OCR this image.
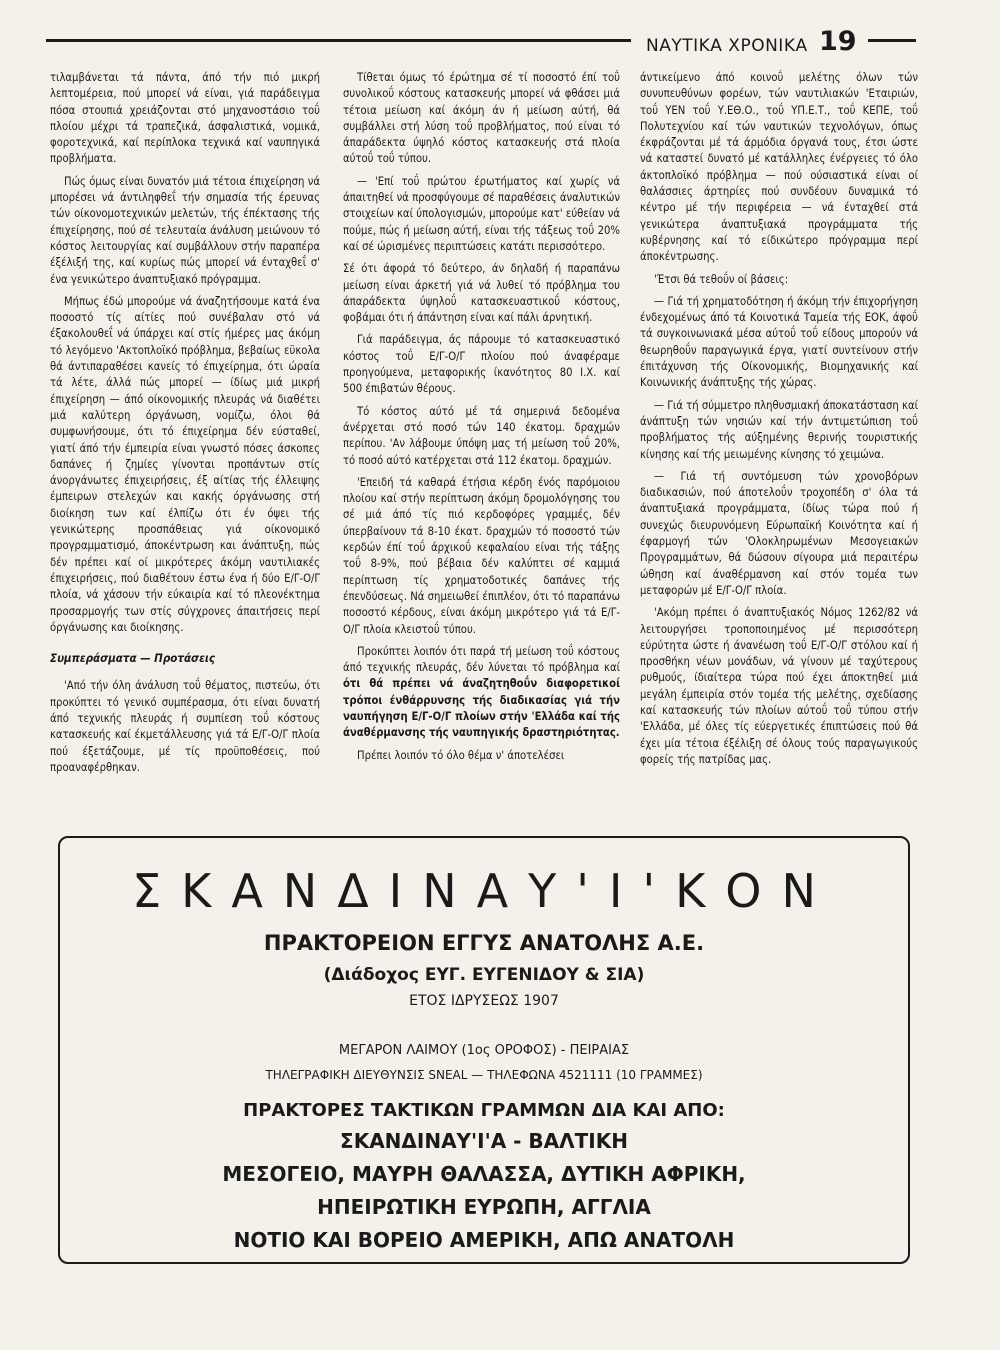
ΝΑΥΤΙΚΑ ΧΡΟΝΙΚΑ 19

τιλαμβάνεται τά πάντα, άπό τήν πιό μικρή λεπτομέρεια, πού μπορεί νά είναι, γιά παράδειγμα πόσα στουπιά χρειάζονται στό μηχανοστάσιο τοΰ πλοίου μέχρι τά τραπεζικά, άσφαλιστικά, νομικά, φοροτεχνικά, καί περίπλοκα τεχνικά καί ναυπηγικά προβλήματα.

Πώς όμως είναι δυνατόν μιά τέτοια έπιχείρηση νά μπορέσει νά άντιληφθεΐ τήν σημασία τής έρευνας τών οίκονομοτεχνικών μελετών, τής έπέκτασης τής έπιχείρησης, πού σέ τελευταία άνάλυση μειώνουν τό κόστος λειτουργίας καί συμβάλλουν στήν παραπέρα έξέλιξή της, καί κυρίως πώς μπορεί νά ένταχθεΐ σ' ένα γενικώτερο άναπτυξιακό πρόγραμμα.

Μήπως έδώ μπορούμε νά άναζητήσουμε κατά ένα ποσοστό τίς αίτίες πού συνέβαλαν στό νά έξακολουθεΐ νά ύπάρχει καί στίς ήμέρες μας άκόμη τό λεγόμενο 'Ακτοπλοϊκό πρόβλημα, βεβαίως εϋκολα θά άντιπαραθέσει κανείς τό έπιχείρημα, ότι ώραία τά λέτε, άλλά πώς μπορεί — ίδίως μιά μικρή έπιχείρηση — άπό οίκονομικής πλευράς νά διαθέτει μιά καλύτερη όργάνωση, νομίζω, όλοι θά συμφωνήσουμε, ότι τό έπιχείρημα δέν εύσταθεί, γιατί άπό τήν έμπειρία είναι γνωστό πόσες άσκοπες δαπάνες ή ζημίες γίνονται προπάντων στίς άνοργάνωτες έπιχειρήσεις, έξ αίτίας τής έλλειψης έμπειρων στελεχών και κακής όργάνωσης στή διοίκηση των καί έλπίζω ότι έν όψει τής γενικώτερης προσπάθειας γιά οίκονομικό προγραμματισμό, άποκέντρωση και άνάπτυξη, πώς δέν πρέπει καί οί μικρότερες άκόμη ναυτιλιακές έπιχειρήσεις, πού διαθέτουν έστω ένα ή δύο Ε/Γ-Ο/Γ πλοία, νά χάσουν τήν εύκαιρία καί τό πλεονέκτημα προσαρμογής των στίς σύγχρονες άπαιτήσεις περί όργάνωσης και διοίκησης.

Συμπεράσματα — Προτάσεις

'Από τήν όλη άνάλυση τοΰ θέματος, πιστεύω, ότι προκύπτει τό γενικό συμπέρασμα, ότι είναι δυνατή άπό τεχνικής πλευράς ή συμπίεση τοΰ κόστους κατασκευής καί έκμετάλλευσης γιά τά Ε/Γ-Ο/Γ πλοία πού έξετάζουμε, μέ τίς προϋποθέσεις, πού προαναφέρθηκαν.

Τίθεται όμως τό έρώτημα σέ τί ποσοστό έπί τοΰ συνολικοΰ κόστους κατασκευής μπορεί νά φθάσει μιά τέτοια μείωση καί άκόμη άν ή μείωση αύτή, θά συμβάλλει στή λύση τοΰ προβλήματος, πού είναι τό άπαράδεκτα ύψηλό κόστος κατασκευής στά πλοία αύτοΰ τοΰ τύπου.

— 'Επί τοΰ πρώτου έρωτήματος καί χωρίς νά άπαιτηθεί νά προσφύγουμε σέ παραθέσεις άναλυτικών στοιχείων καί ύπολογισμών, μπορούμε κατ' εύθείαν νά πούμε, πώς ή μείωση αύτή, είναι τής τάξεως τοΰ 20% καί σέ ώρισμένες περιπτώσεις κατάτι περισσότερο.

Σέ ότι άφορά τό δεύτερο, άν δηλαδή ή παραπάνω μείωση είναι άρκετή γιά νά λυθεί τό πρόβλημα του άπαράδεκτα ύψηλοΰ κατασκευαστικοΰ κόστους, φοβάμαι ότι ή άπάντηση είναι καί πάλι άρνητική.

Γιά παράδειγμα, άς πάρουμε τό κατασκευαστικό κόστος τοΰ Ε/Γ-Ο/Γ πλοίου πού άναφέραμε προηγούμενα, μεταφορικής ίκανότητος 80 Ι.Χ. καί 500 έπιβατών θέρους.

Τό κόστος αύτό μέ τά σημερινά δεδομένα άνέρχεται στό ποσό τών 140 έκατομ. δραχμών περίπου. 'Αν λάβουμε ύπόψη μας τή μείωση τοΰ 20%, τό ποσό αύτό κατέρχεται στά 112 έκατομ. δραχμών.

'Επειδή τά καθαρά έτήσια κέρδη ένός παρόμοιου πλοίου καί στήν περίπτωση άκόμη δρομολόγησης του σέ μιά άπό τίς πιό κερδοφόρες γραμμές, δέν ύπερβαίνουν τά 8-10 έκατ. δραχμών τό ποσοστό τών κερδών έπί τοΰ άρχικοΰ κεφαλαίου είναι τής τάξης τοΰ 8-9%, πού βέβαια δέν καλύπτει σέ καμμιά περίπτωση τίς χρηματοδοτικές δαπάνες τής έπενδύσεως. Νά σημειωθεί έπιπλέον, ότι τό παραπάνω ποσοστό κέρδους, είναι άκόμη μικρότερο γιά τά Ε/Γ-Ο/Γ πλοία κλειστοΰ τύπου.

Προκύπτει λοιπόν ότι παρά τή μείωση τοΰ κόστους άπό τεχνικής πλευράς, δέν λύνεται τό πρόβλημα καί ότι θά πρέπει νά άναζητηθοΰν διαφορετικοί τρόποι ένθάρρυνσης τής διαδικασίας γιά τήν ναυπήγηση Ε/Γ-Ο/Γ πλοίων στήν 'Ελλάδα καί τής άναθέρμανσης τής ναυπηγικής δραστηριότητας.

Πρέπει λοιπόν τό όλο θέμα ν' άποτελέσει

άντικείμενο άπό κοινοΰ μελέτης όλων τών συνυπευθύνων φορέων, τών ναυτιλιακών 'Εταιριών, τοΰ ΥΕΝ τοΰ Υ.ΕΘ.Ο., τοΰ ΥΠ.Ε.Τ., τοΰ ΚΕΠΕ, τοΰ Πολυτεχνίου καί τών ναυτικών τεχνολόγων, όπως έκφράζονται μέ τά άρμόδια όργανά τους, έτσι ώστε νά καταστεί δυνατό μέ κατάλληλες ένέργειες τό όλο άκτοπλοϊκό πρόβλημα — πού ούσιαστικά είναι οί θαλάσσιες άρτηρίες πού συνδέουν δυναμικά τό κέντρο μέ τήν περιφέρεια — νά ένταχθεί στά γενικώτερα άναπτυξιακά προγράμματα τής κυβέρνησης καί τό είδικώτερο πρόγραμμα περί άποκέντρωσης.

'Έτσι θά τεθοΰν οί βάσεις:

— Γιά τή χρηματοδότηση ή άκόμη τήν έπιχορήγηση ένδεχομένως άπό τά Κοινοτικά Ταμεία τής ΕΟΚ, άφοΰ τά συγκοινωνιακά μέσα αύτοΰ τοΰ είδους μπορούν νά θεωρηθοΰν παραγωγικά έργα, γιατί συντείνουν στήν έπιτάχυνση τής Οίκονομικής, Βιομηχανικής καί Κοινωνικής άνάπτυξης τής χώρας.

— Γιά τή σύμμετρο πληθυσμιακή άποκατάσταση καί άνάπτυξη τών νησιών καί τήν άντιμετώπιση τοΰ προβλήματος τής αύξημένης θερινής τουριστικής κίνησης καί τής μειωμένης κίνησης τό χειμώνα.

— Γιά τή συντόμευση τών χρονοβόρων διαδικασιών, πού άποτελοΰν τροχοπέδη σ' όλα τά άναπτυξιακά προγράμματα, ίδίως τώρα πού ή συνεχώς διευρυνόμενη Εύρωπαϊκή Κοινότητα καί ή έφαρμογή τών 'Ολοκληρωμένων Μεσογειακών Προγραμμάτων, θά δώσουν σίγουρα μιά περαιτέρω ώθηση καί άναθέρμανση καί στόν τομέα των μεταφορών μέ Ε/Γ-Ο/Γ πλοία.

'Ακόμη πρέπει ό άναπτυξιακός Νόμος 1262/82 νά λειτουργήσει τροποποιημένος μέ περισσότερη εύρύτητα ώστε ή άνανέωση τοΰ Ε/Γ-Ο/Γ στόλου καί ή προσθήκη νέων μονάδων, νά γίνουν μέ ταχύτερους ρυθμούς, ίδιαίτερα τώρα πού έχει άποκτηθεί μιά μεγάλη έμπειρία στόν τομέα τής μελέτης, σχεδίασης καί κατασκευής τών πλοίων αύτοΰ τοΰ τύπου στήν 'Ελλάδα, μέ όλες τίς εύεργετικές έπιπτώσεις πού θά έχει μία τέτοια έξέλιξη σέ όλους τούς παραγωγικούς φορείς τής πατρίδας μας.

ΣΚΑΝΔΙΝΑΥ'Ι'ΚΟΝ
ΠΡΑΚΤΟΡΕΙΟΝ ΕΓΓΥΣ ΑΝΑΤΟΛΗΣ Α.Ε.
(Διάδοχος ΕΥΓ. ΕΥΓΕΝΙΔΟΥ & ΣΙΑ)
ΕΤΟΣ ΙΔΡΥΣΕΩΣ 1907
ΜΕΓΑΡΟΝ ΛΑΙΜΟΥ (1ος ΟΡΟΦΟΣ) - ΠΕΙΡΑΙΑΣ
ΤΗΛΕΓΡΑΦΙΚΗ ΔΙΕΥΘΥΝΣΙΣ SNEAL — ΤΗΛΕΦΩΝΑ 4521111 (10 ΓΡΑΜΜΕΣ)
ΠΡΑΚΤΟΡΕΣ ΤΑΚΤΙΚΩΝ ΓΡΑΜΜΩΝ ΔΙΑ ΚΑΙ ΑΠΟ:
ΣΚΑΝΔΙΝΑΥ'Ι'Α - ΒΑΛΤΙΚΗ
ΜΕΣΟΓΕΙΟ, ΜΑΥΡΗ ΘΑΛΑΣΣΑ, ΔΥΤΙΚΗ ΑΦΡΙΚΗ,
ΗΠΕΙΡΩΤΙΚΗ ΕΥΡΩΠΗ, ΑΓΓΛΙΑ
ΝΟΤΙΟ ΚΑΙ ΒΟΡΕΙΟ ΑΜΕΡΙΚΗ, ΑΠΩ ΑΝΑΤΟΛΗ
